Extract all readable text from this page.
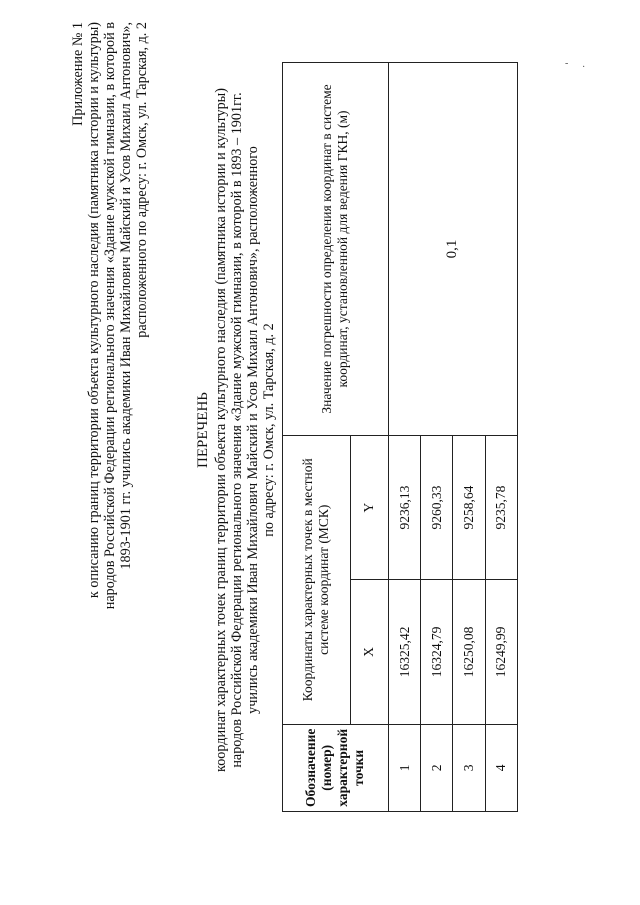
Приложение № 1 к описанию границ территории объекта культурного наследия (памятника истории и культуры) народов Российской Федерации регионального значения «Здание мужской гимназии, в которой в 1893-1901 гг. учились академики Иван Михайлович Майский и Усов Михаил Антонович», расположенного по адресу: г. Омск, ул. Тарская, д. 2
ПЕРЕЧЕНЬ координат характерных точек границ территории объекта культурного наследия (памятника истории и культуры) народов Российской Федерации регионального значения «Здание мужской гимназии, в которой в 1893 – 1901гг. учились академики Иван Михайлович Майский и Усов Михаил Антонович», расположенного по адресу: г. Омск, ул. Тарская, д. 2
Обозначение (номер) характерной точки	Координаты характерных точек в местной системе координат (МСК)		Значение погрешности определения координат в системе координат, установленной для ведения ГКН, (м)
	X	Y	
1	16325,42	9236,13	0,1
2	16324,79	9260,33	
3	16250,08	9258,64	
4	16249,99	9235,78	
- ·
